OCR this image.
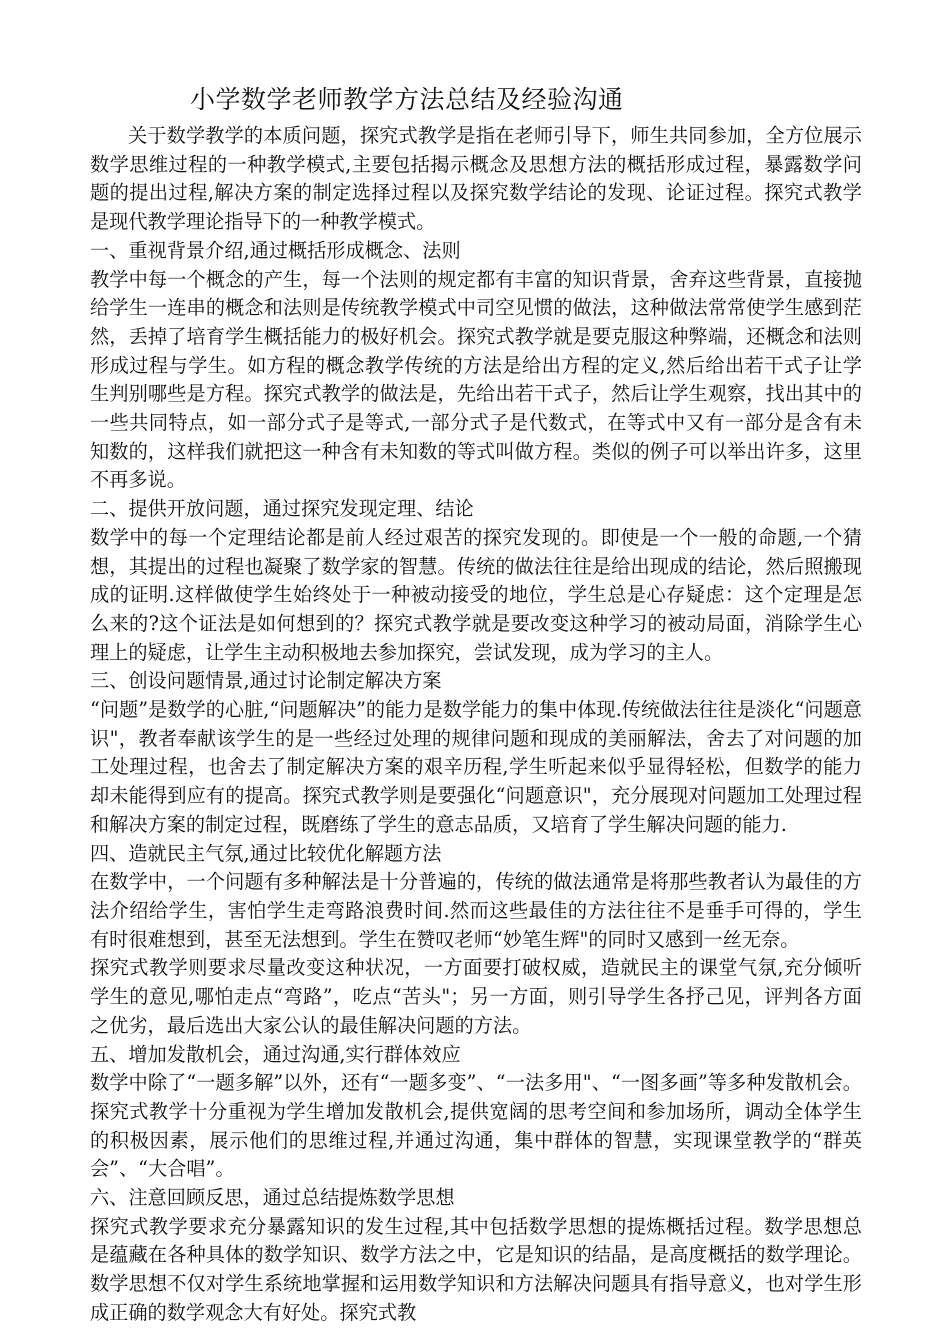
小学数学老师教学方法总结及经验沟通

关于数学教学的本质问题，探究式教学是指在老师引导下，师生共同参加，全方位展示数学思维过程的一种教学模式,主要包括揭示概念及思想方法的概括形成过程，暴露数学问题的提出过程,解决方案的制定选择过程以及探究数学结论的发现、论证过程。探究式教学是现代教学理论指导下的一种教学模式。

一、重视背景介绍,通过概括形成概念、法则

教学中每一个概念的产生，每一个法则的规定都有丰富的知识背景，舍弃这些背景，直接抛给学生一连串的概念和法则是传统教学模式中司空见惯的做法，这种做法常常使学生感到茫然，丢掉了培育学生概括能力的极好机会。探究式教学就是要克服这种弊端，还概念和法则形成过程与学生。如方程的概念教学传统的方法是给出方程的定义,然后给出若干式子让学生判别哪些是方程。探究式教学的做法是，先给出若干式子，然后让学生观察，找出其中的一些共同特点，如一部分式子是等式,一部分式子是代数式，在等式中又有一部分是含有未知数的，这样我们就把这一种含有未知数的等式叫做方程。类似的例子可以举出许多，这里不再多说。

二、提供开放问题，通过探究发现定理、结论

数学中的每一个定理结论都是前人经过艰苦的探究发现的。即使是一个一般的命题,一个猜想，其提出的过程也凝聚了数学家的智慧。传统的做法往往是给出现成的结论，然后照搬现成的证明.这样做使学生始终处于一种被动接受的地位，学生总是心存疑虑：这个定理是怎么来的?这个证法是如何想到的？探究式教学就是要改变这种学习的被动局面，消除学生心理上的疑虑，让学生主动积极地去参加探究，尝试发现，成为学习的主人。

三、创设问题情景,通过讨论制定解决方案

“问题”是数学的心脏,“问题解决”的能力是数学能力的集中体现.传统做法往往是淡化“问题意识"，教者奉献该学生的是一些经过处理的规律问题和现成的美丽解法，舍去了对问题的加工处理过程，也舍去了制定解决方案的艰辛历程,学生听起来似乎显得轻松，但数学的能力却未能得到应有的提高。探究式教学则是要强化“问题意识"，充分展现对问题加工处理过程和解决方案的制定过程，既磨练了学生的意志品质，又培育了学生解决问题的能力.

四、造就民主气氛,通过比较优化解题方法

在数学中，一个问题有多种解法是十分普遍的，传统的做法通常是将那些教者认为最佳的方法介绍给学生，害怕学生走弯路浪费时间.然而这些最佳的方法往往不是垂手可得的，学生有时很难想到，甚至无法想到。学生在赞叹老师“妙笔生辉"的同时又感到一丝无奈。

探究式教学则要求尽量改变这种状况，一方面要打破权威，造就民主的课堂气氛,充分倾听学生的意见,哪怕走点“弯路”，吃点“苦头"；另一方面，则引导学生各抒己见，评判各方面之优劣，最后选出大家公认的最佳解决问题的方法。

五、增加发散机会，通过沟通,实行群体效应

数学中除了“一题多解”以外，还有“一题多变”、“一法多用"、“一图多画”等多种发散机会。探究式教学十分重视为学生增加发散机会,提供宽阔的思考空间和参加场所，调动全体学生的积极因素，展示他们的思维过程,并通过沟通，集中群体的智慧，实现课堂教学的“群英会”、“大合唱”。

六、注意回顾反思，通过总结提炼数学思想

探究式教学要求充分暴露知识的发生过程,其中包括数学思想的提炼概括过程。数学思想总是蕴藏在各种具体的数学知识、数学方法之中，它是知识的结晶，是高度概括的数学理论。数学思想不仅对学生系统地掌握和运用数学知识和方法解决问题具有指导意义，也对学生形成正确的数学观念大有好处。探究式教
